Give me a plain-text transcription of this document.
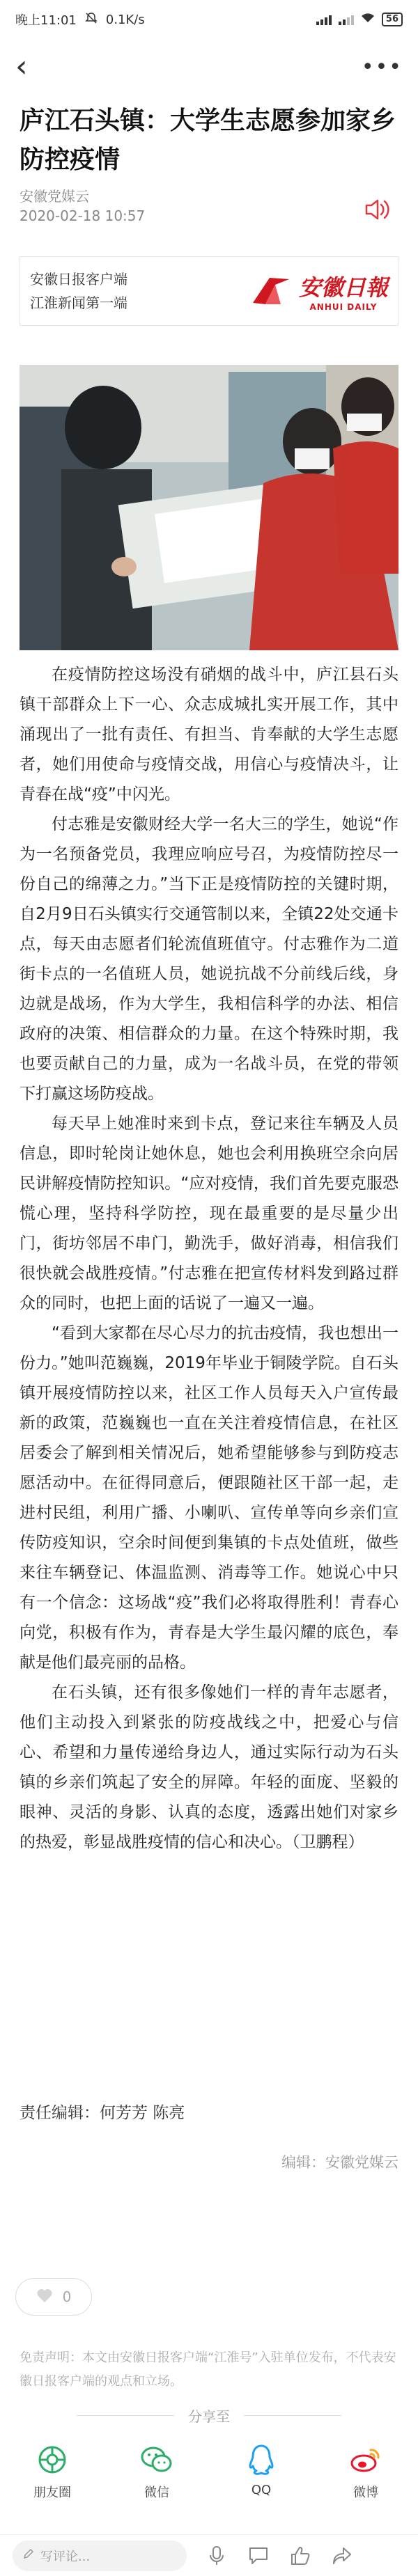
晚上11:01 0.1K/s	56
‹	•••
庐江石头镇：大学生志愿参加家乡防控疫情
安徽党媒云
2020-02-18 10:57
安徽日报客户端
江淮新闻第一端
安徽日報
ANHUI DAILY

在疫情防控这场没有硝烟的战斗中，庐江县石头镇干部群众上下一心、众志成城扎实开展工作，其中涌现出了一批有责任、有担当、肯奉献的大学生志愿者，她们用使命与疫情交战，用信心与疫情决斗，让青春在战“疫”中闪光。

付志雅是安徽财经大学一名大三的学生，她说“作为一名预备党员，我理应响应号召，为疫情防控尽一份自己的绵薄之力。”当下正是疫情防控的关键时期，自2月9日石头镇实行交通管制以来，全镇22处交通卡点，每天由志愿者们轮流值班值守。付志雅作为二道街卡点的一名值班人员，她说抗战不分前线后线，身边就是战场，作为大学生，我相信科学的办法、相信政府的决策、相信群众的力量。在这个特殊时期，我也要贡献自己的力量，成为一名战斗员，在党的带领下打赢这场防疫战。

每天早上她准时来到卡点，登记来往车辆及人员信息，即时轮岗让她休息，她也会利用换班空余向居民讲解疫情防控知识。“应对疫情，我们首先要克服恐慌心理，坚持科学防控，现在最重要的是尽量少出门，街坊邻居不串门，勤洗手，做好消毒，相信我们很快就会战胜疫情。”付志雅在把宣传材料发到路过群众的同时，也把上面的话说了一遍又一遍。

“看到大家都在尽心尽力的抗击疫情，我也想出一份力。”她叫范巍巍，2019年毕业于铜陵学院。自石头镇开展疫情防控以来，社区工作人员每天入户宣传最新的政策，范巍巍也一直在关注着疫情信息，在社区居委会了解到相关情况后，她希望能够参与到防疫志愿活动中。在征得同意后，便跟随社区干部一起，走进村民组，利用广播、小喇叭、宣传单等向乡亲们宣传防疫知识，空余时间便到集镇的卡点处值班，做些来往车辆登记、体温监测、消毒等工作。她说心中只有一个信念：这场战“疫”我们必将取得胜利！青春心向党，积极有作为，青春是大学生最闪耀的底色，奉献是他们最亮丽的品格。

在石头镇，还有很多像她们一样的青年志愿者，他们主动投入到紧张的防疫战线之中，把爱心与信心、希望和力量传递给身边人，通过实际行动为石头镇的乡亲们筑起了安全的屏障。年轻的面庞、坚毅的眼神、灵活的身影、认真的态度，透露出她们对家乡的热爱，彰显战胜疫情的信心和决心。（卫鹏程）

责任编辑：何芳芳 陈亮
编辑：安徽党媒云
0
免责声明：本文由安徽日报客户端“江淮号”入驻单位发布，不代表安徽日报客户端的观点和立场。
分享至
朋友圈	微信	QQ	微博
写评论...
